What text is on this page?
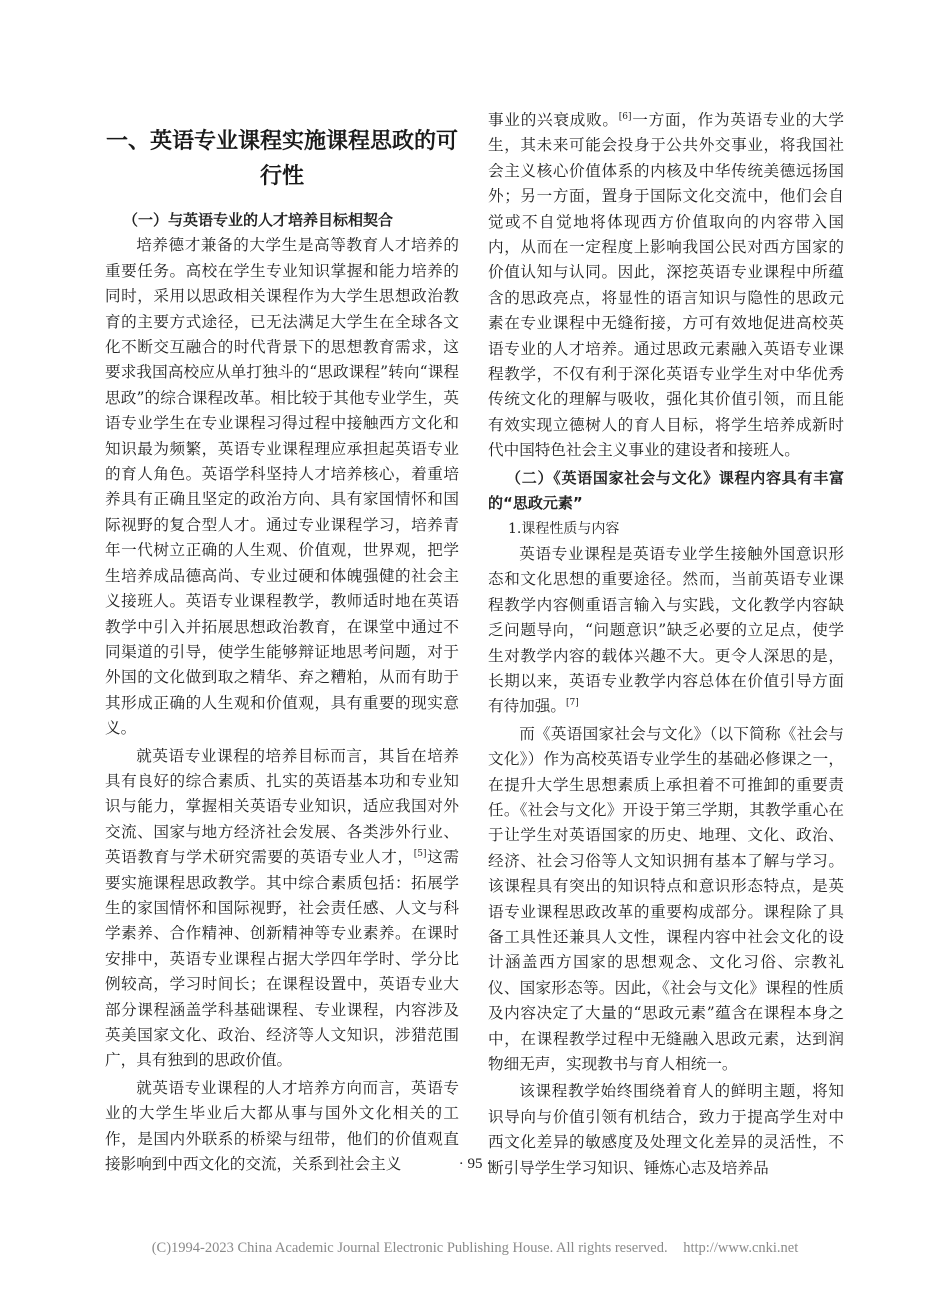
一、英语专业课程实施课程思政的可行性

（一）与英语专业的人才培养目标相契合

培养德才兼备的大学生是高等教育人才培养的重要任务。高校在学生专业知识掌握和能力培养的同时，采用以思政相关课程作为大学生思想政治教育的主要方式途径，已无法满足大学生在全球各文化不断交互融合的时代背景下的思想教育需求，这要求我国高校应从单打独斗的“思政课程”转向“课程思政”的综合课程改革。相比较于其他专业学生，英语专业学生在专业课程习得过程中接触西方文化和知识最为频繁，英语专业课程理应承担起英语专业的育人角色。英语学科坚持人才培养核心，着重培养具有正确且坚定的政治方向、具有家国情怀和国际视野的复合型人才。通过专业课程学习，培养青年一代树立正确的人生观、价值观，世界观，把学生培养成品德高尚、专业过硬和体魄强健的社会主义接班人。英语专业课程教学，教师适时地在英语教学中引入并拓展思想政治教育，在课堂中通过不同渠道的引导，使学生能够辩证地思考问题，对于外国的文化做到取之精华、弃之糟粕，从而有助于其形成正确的人生观和价值观，具有重要的现实意义。

就英语专业课程的培养目标而言，其旨在培养具有良好的综合素质、扎实的英语基本功和专业知识与能力，掌握相关英语专业知识，适应我国对外交流、国家与地方经济社会发展、各类涉外行业、英语教育与学术研究需要的英语专业人才，[5]这需要实施课程思政教学。其中综合素质包括：拓展学生的家国情怀和国际视野，社会责任感、人文与科学素养、合作精神、创新精神等专业素养。在课时安排中，英语专业课程占据大学四年学时、学分比例较高，学习时间长；在课程设置中，英语专业大部分课程涵盖学科基础课程、专业课程，内容涉及英美国家文化、政治、经济等人文知识，涉猎范围广，具有独到的思政价值。

就英语专业课程的人才培养方向而言，英语专业的大学生毕业后大都从事与国外文化相关的工作，是国内外联系的桥梁与纽带，他们的价值观直接影响到中西文化的交流，关系到社会主义

事业的兴衰成败。[6]一方面，作为英语专业的大学生，其未来可能会投身于公共外交事业，将我国社会主义核心价值体系的内核及中华传统美德远扬国外；另一方面，置身于国际文化交流中，他们会自觉或不自觉地将体现西方价值取向的内容带入国内，从而在一定程度上影响我国公民对西方国家的价值认知与认同。因此，深挖英语专业课程中所蕴含的思政亮点，将显性的语言知识与隐性的思政元素在专业课程中无缝衔接，方可有效地促进高校英语专业的人才培养。通过思政元素融入英语专业课程教学，不仅有利于深化英语专业学生对中华优秀传统文化的理解与吸收，强化其价值引领，而且能有效实现立德树人的育人目标，将学生培养成新时代中国特色社会主义事业的建设者和接班人。

（二）《英语国家社会与文化》课程内容具有丰富的“思政元素”

1.课程性质与内容

英语专业课程是英语专业学生接触外国意识形态和文化思想的重要途径。然而，当前英语专业课程教学内容侧重语言输入与实践，文化教学内容缺乏问题导向，“问题意识”缺乏必要的立足点，使学生对教学内容的载体兴趣不大。更令人深思的是，长期以来，英语专业教学内容总体在价值引导方面有待加强。[7]

而《英语国家社会与文化》（以下简称《社会与文化》）作为高校英语专业学生的基础必修课之一，在提升大学生思想素质上承担着不可推卸的重要责任。《社会与文化》开设于第三学期，其教学重心在于让学生对英语国家的历史、地理、文化、政治、经济、社会习俗等人文知识拥有基本了解与学习。该课程具有突出的知识特点和意识形态特点，是英语专业课程思政改革的重要构成部分。课程除了具备工具性还兼具人文性，课程内容中社会文化的设计涵盖西方国家的思想观念、文化习俗、宗教礼仪、国家形态等。因此，《社会与文化》课程的性质及内容决定了大量的“思政元素”蕴含在课程本身之中，在课程教学过程中无缝融入思政元素，达到润物细无声，实现教书与育人相统一。

该课程教学始终围绕着育人的鲜明主题，将知识导向与价值引领有机结合，致力于提高学生对中西文化差异的敏感度及处理文化差异的灵活性，不断引导学生学习知识、锤炼心志及培养品

· 95 ·
(C)1994-2023 China Academic Journal Electronic Publishing House. All rights reserved. http://www.cnki.net
